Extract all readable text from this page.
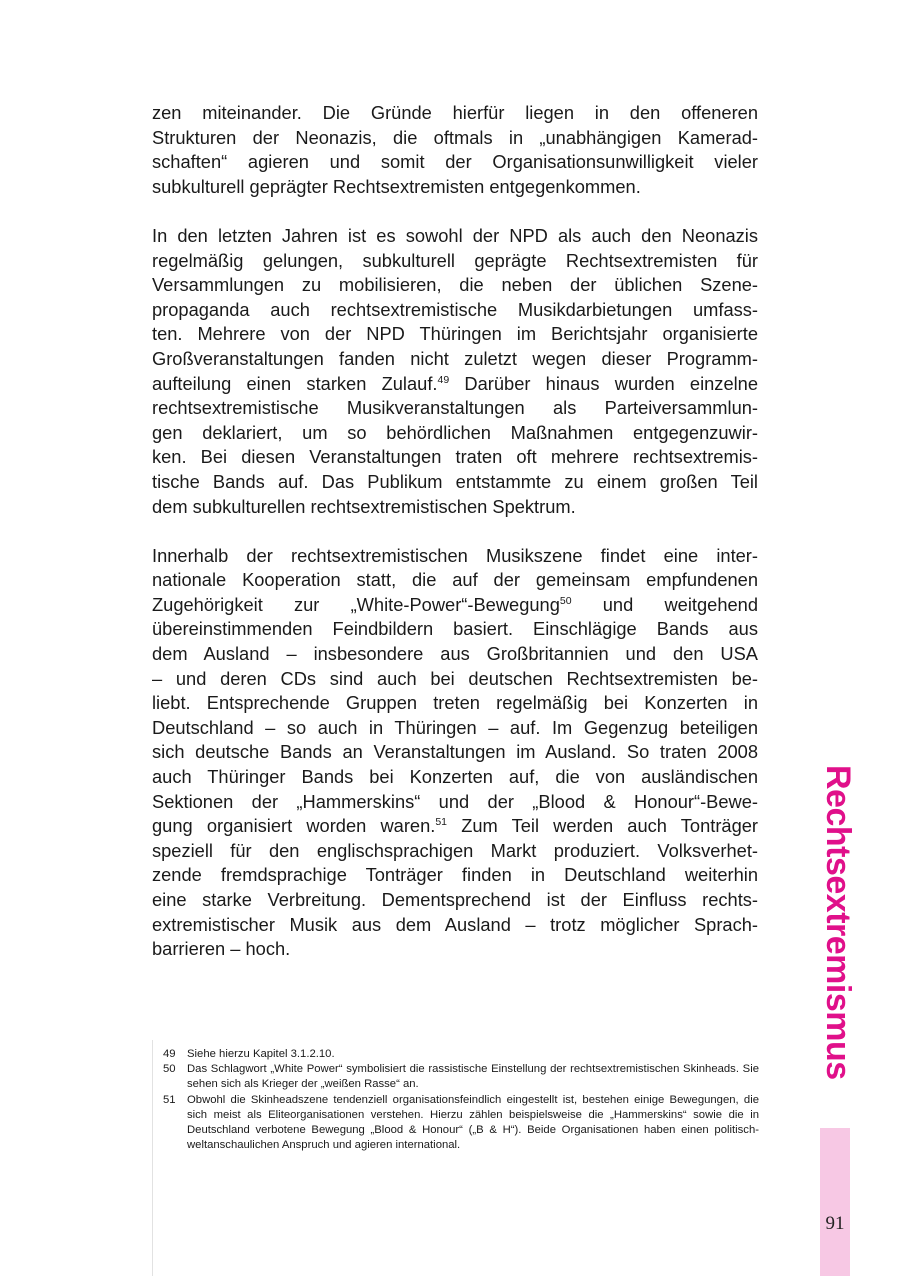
zen miteinander. Die Gründe hierfür liegen in den offeneren
Strukturen der Neonazis, die oftmals in „unabhängigen Kamerad-
schaften“ agieren und somit der Organisationsunwilligkeit vieler
subkulturell geprägter Rechtsextremisten entgegenkommen.
In den letzten Jahren ist es sowohl der NPD als auch den Neonazis
regelmäßig gelungen, subkulturell geprägte Rechtsextremisten für
Versammlungen zu mobilisieren, die neben der üblichen Szene-
propaganda auch rechtsextremistische Musikdarbietungen umfass-
ten. Mehrere von der NPD Thüringen im Berichtsjahr organisierte
Großveranstaltungen fanden nicht zuletzt wegen dieser Programm-
aufteilung einen starken Zulauf.$^{49}$ Darüber hinaus wurden einzelne
rechtsextremistische Musikveranstaltungen als Parteiversammlun-
gen deklariert, um so behördlichen Maßnahmen entgegenzuwir-
ken. Bei diesen Veranstaltungen traten oft mehrere rechtsextremis-
tische Bands auf. Das Publikum entstammte zu einem großen Teil
dem subkulturellen rechtsextremistischen Spektrum.
Innerhalb der rechtsextremistischen Musikszene findet eine inter-
nationale Kooperation statt, die auf der gemeinsam empfundenen
Zugehörigkeit zur „White-Power“-Bewegung$^{50}$ und weitgehend
übereinstimmenden Feindbildern basiert. Einschlägige Bands aus
dem Ausland – insbesondere aus Großbritannien und den USA
– und deren CDs sind auch bei deutschen Rechtsextremisten be-
liebt. Entsprechende Gruppen treten regelmäßig bei Konzerten in
Deutschland – so auch in Thüringen – auf. Im Gegenzug beteiligen
sich deutsche Bands an Veranstaltungen im Ausland. So traten 2008
auch Thüringer Bands bei Konzerten auf, die von ausländischen
Sektionen der „Hammerskins“ und der „Blood & Honour“-Bewe-
gung organisiert worden waren.$^{51}$ Zum Teil werden auch Tonträger
speziell für den englischsprachigen Markt produziert. Volksverhet-
zende fremdsprachige Tonträger finden in Deutschland weiterhin
eine starke Verbreitung. Dementsprechend ist der Einfluss rechts-
extremistischer Musik aus dem Ausland – trotz möglicher Sprach-
barrieren – hoch.
49	Siehe hierzu Kapitel 3.1.2.10.
50	Das Schlagwort „White Power“ symbolisiert die rassistische Einstellung der rechtsextremistischen Skinheads. Sie sehen sich als Krieger der „weißen Rasse“ an.
51	Obwohl die Skinheadszene tendenziell organisationsfeindlich eingestellt ist, bestehen einige Bewegungen, die sich meist als Eliteorganisationen verstehen. Hierzu zählen beispielsweise die „Hammerskins“ sowie die in Deutschland verbotene Bewegung „Blood & Honour“ („B & H“). Beide Organisationen haben einen politisch-weltanschaulichen Anspruch und agieren international.
Rechtsextremismus
91
